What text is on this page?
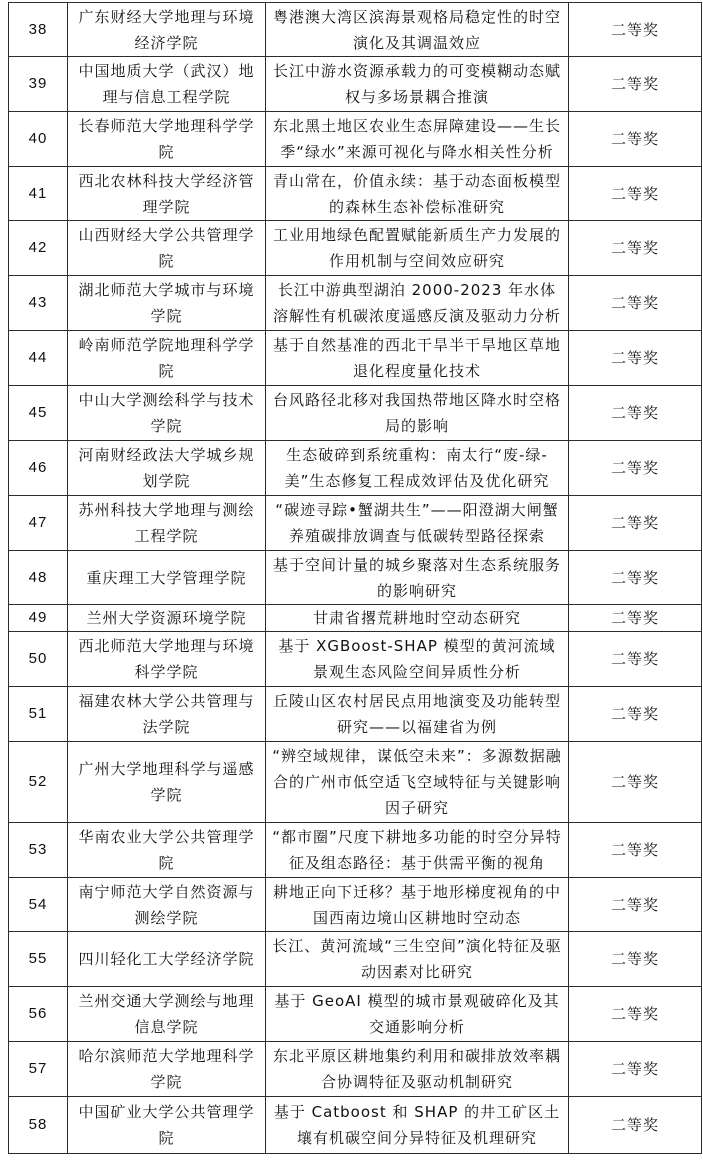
38	广东财经大学地理与环境经济学院	粤港澳大湾区滨海景观格局稳定性的时空演化及其调温效应	二等奖
39	中国地质大学（武汉）地理与信息工程学院	长江中游水资源承载力的可变模糊动态赋权与多场景耦合推演	二等奖
40	长春师范大学地理科学学院	东北黑土地区农业生态屏障建设——生长季“绿水”来源可视化与降水相关性分析	二等奖
41	西北农林科技大学经济管理学院	青山常在，价值永续：基于动态面板模型的森林生态补偿标准研究	二等奖
42	山西财经大学公共管理学院	工业用地绿色配置赋能新质生产力发展的作用机制与空间效应研究	二等奖
43	湖北师范大学城市与环境学院	长江中游典型湖泊 2000-2023 年水体溶解性有机碳浓度遥感反演及驱动力分析	二等奖
44	岭南师范学院地理科学学院	基于自然基准的西北干旱半干旱地区草地退化程度量化技术	二等奖
45	中山大学测绘科学与技术学院	台风路径北移对我国热带地区降水时空格局的影响	二等奖
46	河南财经政法大学城乡规划学院	生态破碎到系统重构：南太行“废-绿-美”生态修复工程成效评估及优化研究	二等奖
47	苏州科技大学地理与测绘工程学院	“碳迹寻踪•蟹湖共生”——阳澄湖大闸蟹养殖碳排放调查与低碳转型路径探索	二等奖
48	重庆理工大学管理学院	基于空间计量的城乡聚落对生态系统服务的影响研究	二等奖
49	兰州大学资源环境学院	甘肃省撂荒耕地时空动态研究	二等奖
50	西北师范大学地理与环境科学学院	基于 XGBoost-SHAP 模型的黄河流域景观生态风险空间异质性分析	二等奖
51	福建农林大学公共管理与法学院	丘陵山区农村居民点用地演变及功能转型研究——以福建省为例	二等奖
52	广州大学地理科学与遥感学院	“辨空域规律，谋低空未来”：多源数据融合的广州市低空适飞空域特征与关键影响因子研究	二等奖
53	华南农业大学公共管理学院	“都市圈”尺度下耕地多功能的时空分异特征及组态路径：基于供需平衡的视角	二等奖
54	南宁师范大学自然资源与测绘学院	耕地正向下迁移？基于地形梯度视角的中国西南边境山区耕地时空动态	二等奖
55	四川轻化工大学经济学院	长江、黄河流域“三生空间”演化特征及驱动因素对比研究	二等奖
56	兰州交通大学测绘与地理信息学院	基于 GeoAI 模型的城市景观破碎化及其交通影响分析	二等奖
57	哈尔滨师范大学地理科学学院	东北平原区耕地集约利用和碳排放效率耦合协调特征及驱动机制研究	二等奖
58	中国矿业大学公共管理学院	基于 Catboost 和 SHAP 的井工矿区土壤有机碳空间分异特征及机理研究	二等奖
